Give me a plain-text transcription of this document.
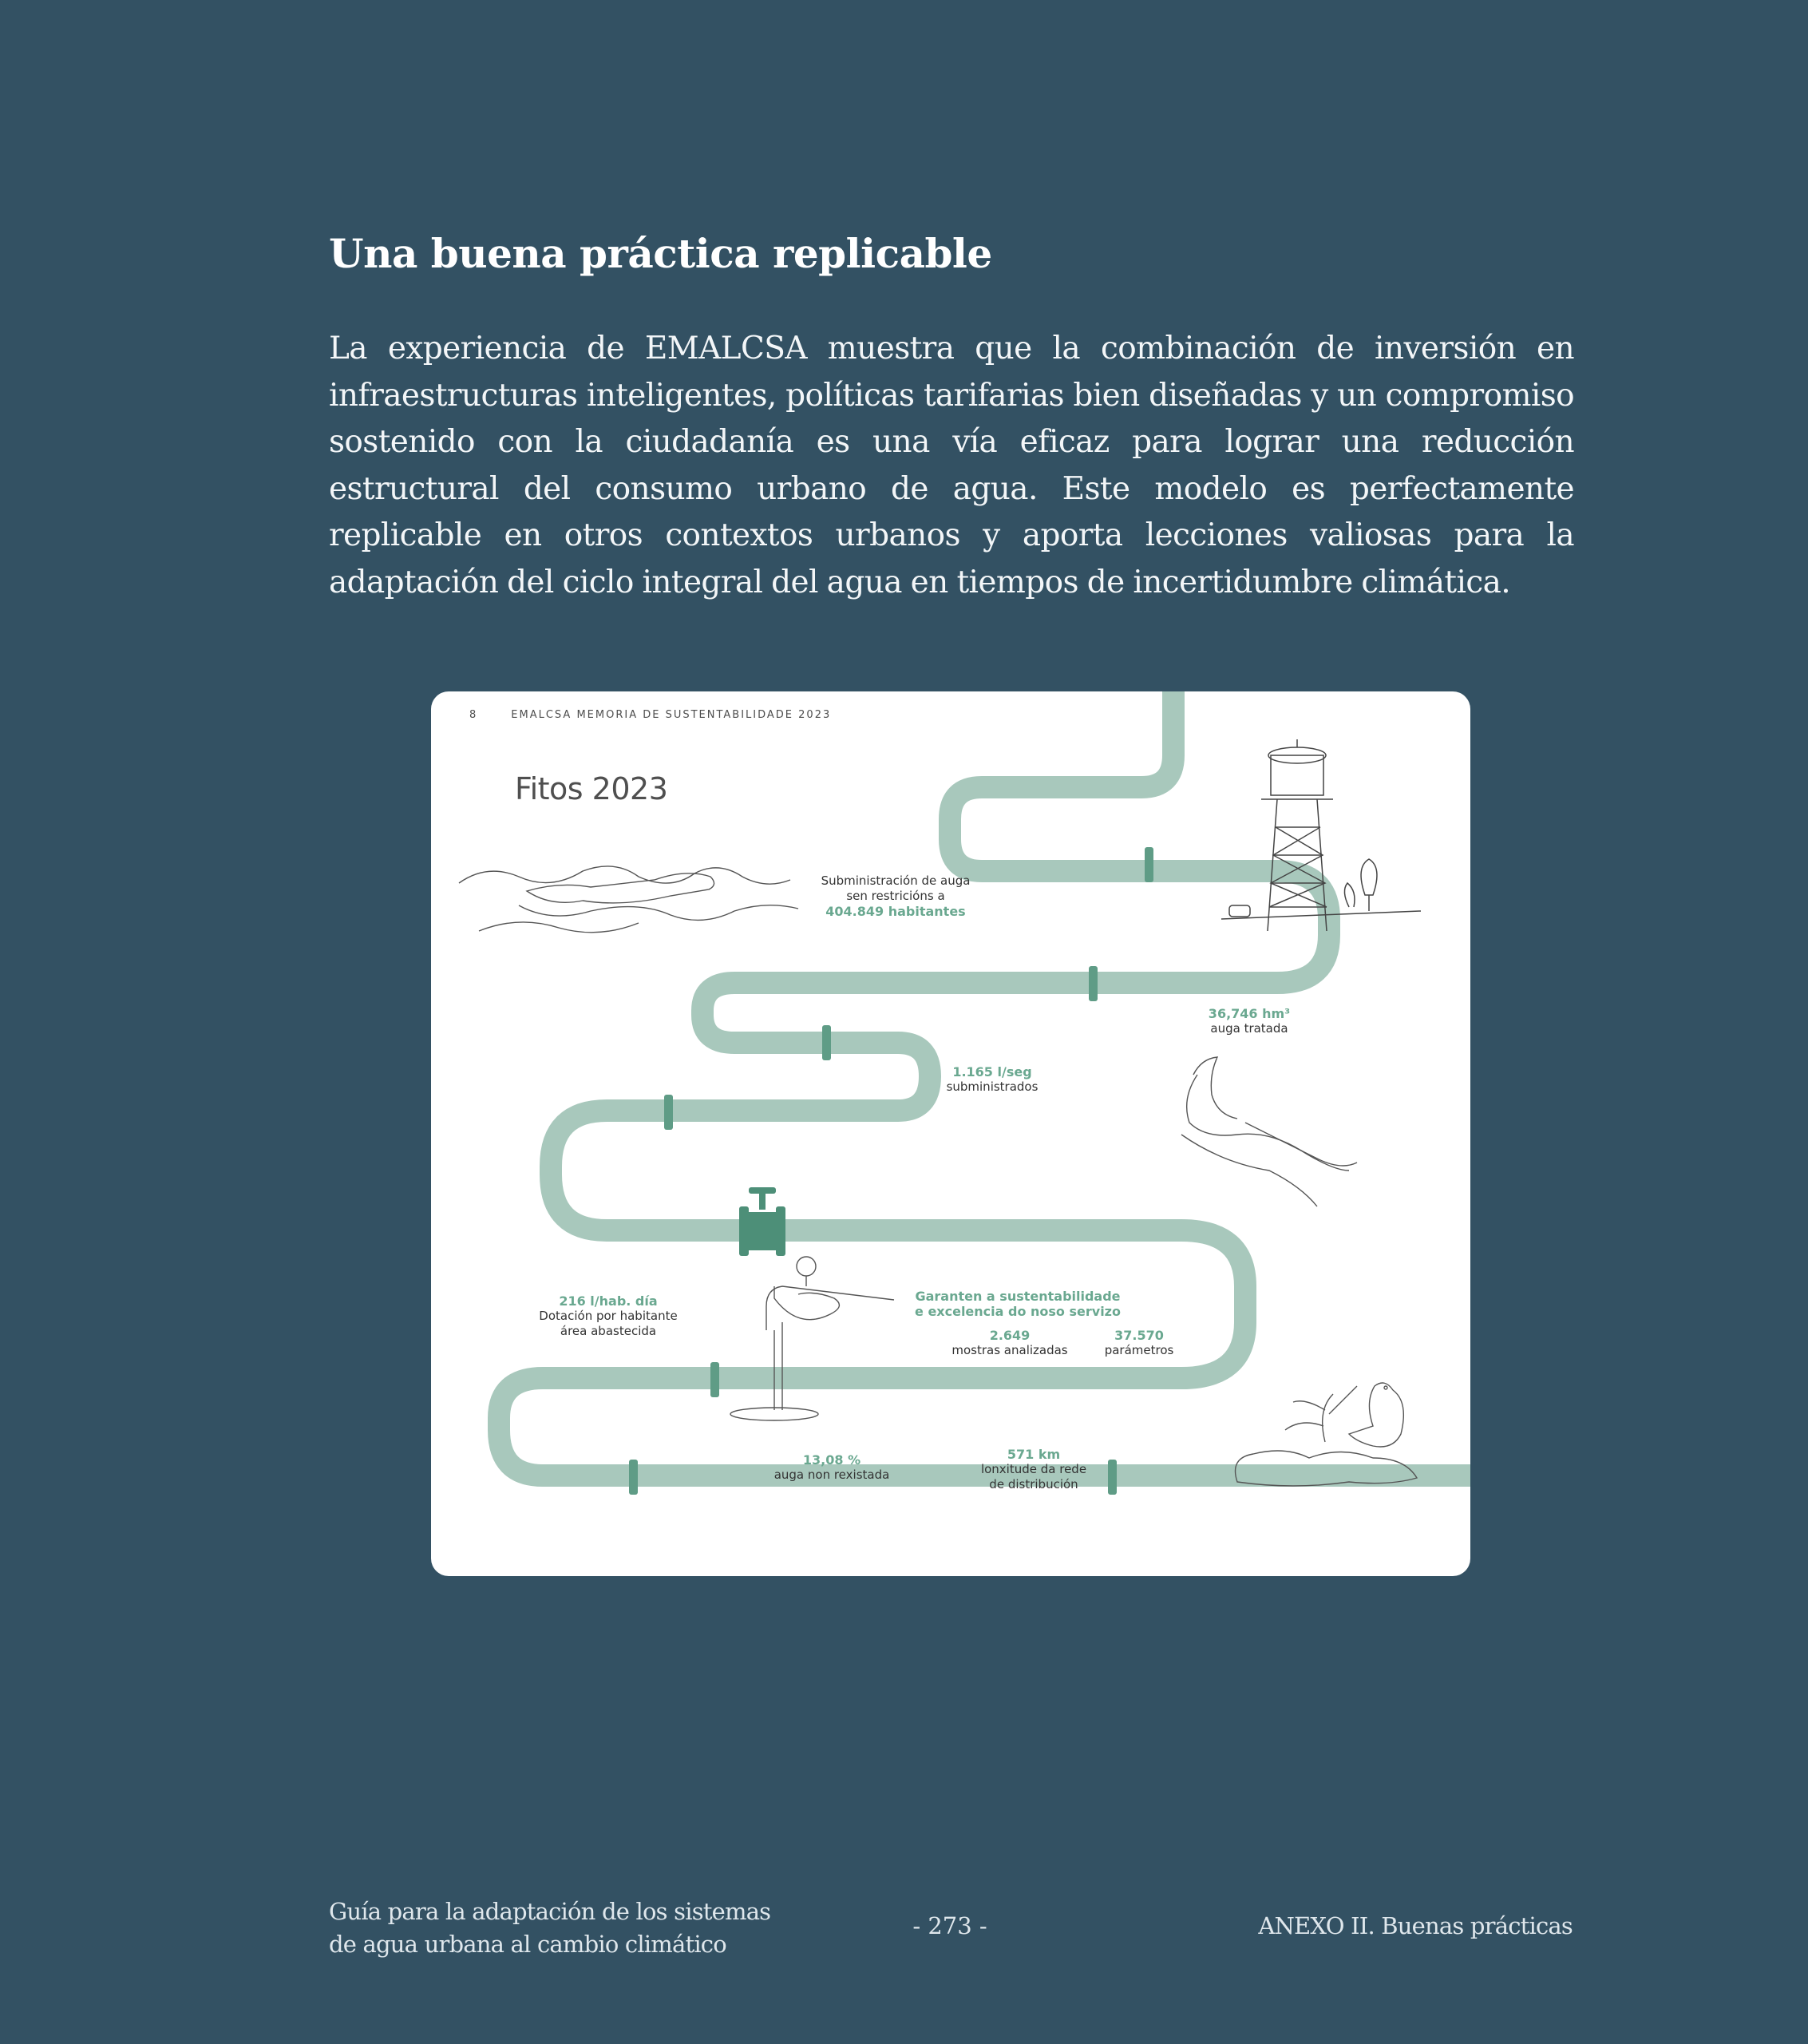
Una buena práctica replicable

La experiencia de EMALCSA muestra que la combinación de inversión en infraestructuras inteligentes, políticas tarifarias bien diseñadas y un compromiso sostenido con la ciudadanía es una vía eficaz para lograr una reducción estructural del consumo urbano de agua. Este modelo es perfectamente replicable en otros contextos urbanos y aporta lecciones valiosas para la adaptación del ciclo integral del agua en tiempos de incertidumbre climática.

8	EMALCSA MEMORIA DE SUSTENTABILIDADE 2023
Fitos 2023
Subministración de auga
sen restricións a
404.849 habitantes
36,746 hm³
auga tratada
1.165 l/seg
subministrados
216 l/hab. día
Dotación por habitante
área abastecida
Garanten a sustentabilidade
e excelencia do noso servizo
2.649
mostras analizadas
37.570
parámetros
13,08 %
auga non rexistada
571 km
lonxitude da rede
de distribución
Guía para la adaptación de los sistemas
de agua urbana al cambio climático
- 273 -	ANEXO II. Buenas prácticas
